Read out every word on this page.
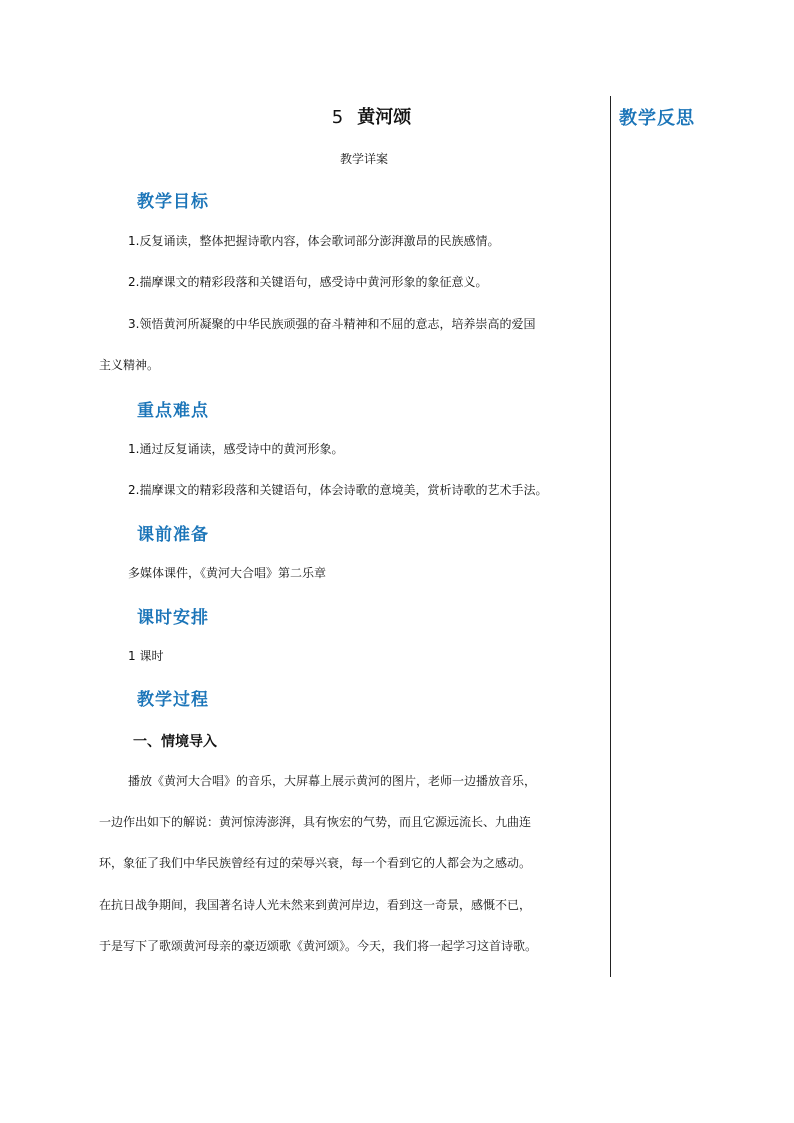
教学反思
5 黄河颂
教学详案
教学目标
1.反复诵读，整体把握诗歌内容，体会歌词部分澎湃激昂的民族感情。
2.揣摩课文的精彩段落和关键语句，感受诗中黄河形象的象征意义。
3.领悟黄河所凝聚的中华民族顽强的奋斗精神和不屈的意志，培养崇高的爱国
主义精神。
重点难点
1.通过反复诵读，感受诗中的黄河形象。
2.揣摩课文的精彩段落和关键语句，体会诗歌的意境美，赏析诗歌的艺术手法。
课前准备
多媒体课件，《黄河大合唱》第二乐章
课时安排
1 课时
教学过程
一、情境导入
播放《黄河大合唱》的音乐，大屏幕上展示黄河的图片，老师一边播放音乐，
一边作出如下的解说：黄河惊涛澎湃，具有恢宏的气势，而且它源远流长、九曲连
环，象征了我们中华民族曾经有过的荣辱兴衰，每一个看到它的人都会为之感动。
在抗日战争期间，我国著名诗人光未然来到黄河岸边，看到这一奇景，感慨不已，
于是写下了歌颂黄河母亲的豪迈颂歌《黄河颂》。今天，我们将一起学习这首诗歌。
